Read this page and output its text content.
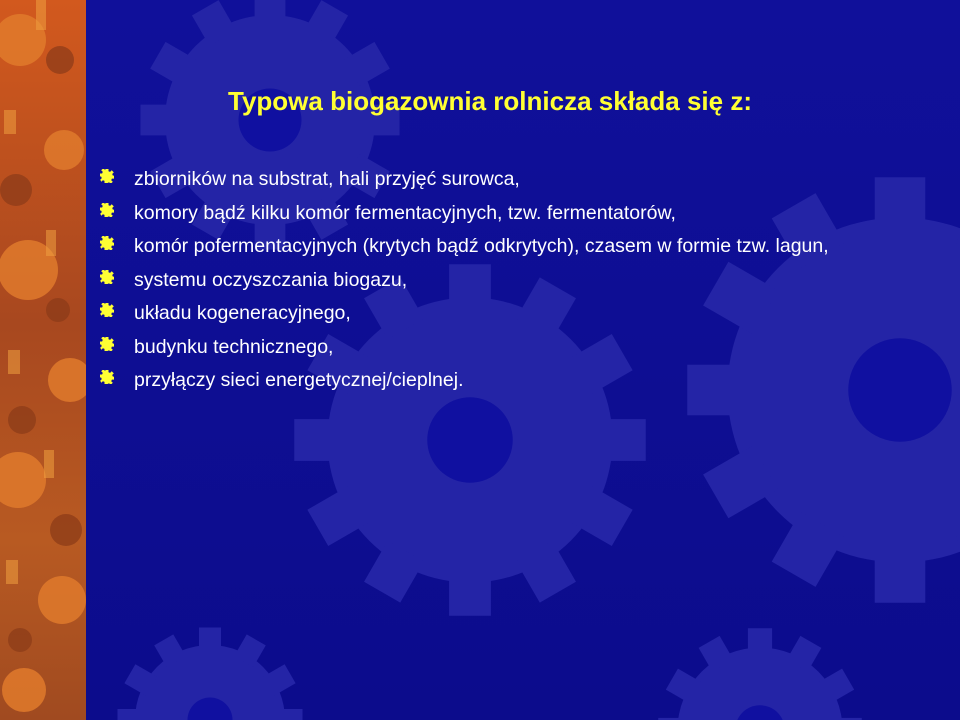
Typowa biogazownia rolnicza składa się z:
zbiorników na substrat, hali przyjęć surowca,
komory bądź kilku komór fermentacyjnych, tzw. fermentatorów,
komór pofermentacyjnych (krytych bądź odkrytych), czasem w formie tzw. lagun,
systemu oczyszczania biogazu,
układu kogeneracyjnego,
budynku technicznego,
przyłączy sieci energetycznej/cieplnej.
